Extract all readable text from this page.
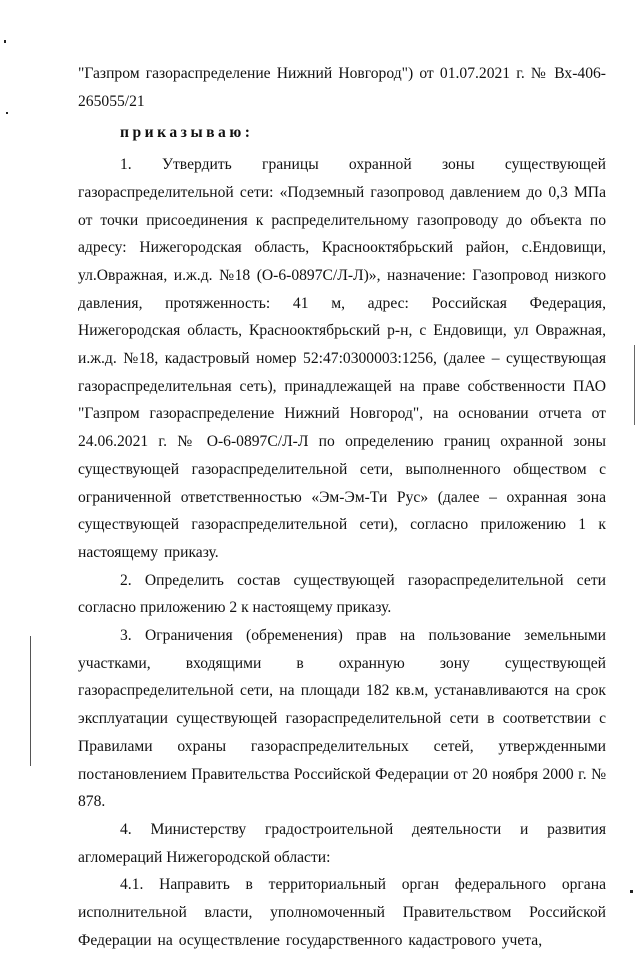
"Газпром газораспределение Нижний Новгород") от 01.07.2021 г. № Вх-406-265055/21

приказываю:

1. Утвердить границы охранной зоны существующей газораспределительной сети: «Подземный газопровод давлением до 0,3 МПа от точки присоединения к распределительному газопроводу до объекта по адресу: Нижегородская область, Краснооктябрьский район, с.Ендовищи, ул.Овражная, и.ж.д. №18 (О-6-0897С/Л-Л)», назначение: Газопровод низкого давления, протяженность: 41 м, адрес: Российская Федерация, Нижегородская область, Краснооктябрьский р-н, с Ендовищи, ул Овражная, и.ж.д. №18, кадастровый номер 52:47:0300003:1256, (далее – существующая газораспределительная сеть), принадлежащей на праве собственности ПАО "Газпром газораспределение Нижний Новгород", на основании отчета от 24.06.2021 г. № О-6-0897С/Л-Л по определению границ охранной зоны существующей газораспределительной сети, выполненного обществом с ограниченной ответственностью «Эм-Эм-Ти Рус» (далее – охранная зона существующей газораспределительной сети), согласно приложению 1 к настоящему приказу.

2. Определить состав существующей газораспределительной сети согласно приложению 2 к настоящему приказу.

3. Ограничения (обременения) прав на пользование земельными участками, входящими в охранную зону существующей газораспределительной сети, на площади 182 кв.м, устанавливаются на срок эксплуатации существующей газораспределительной сети в соответствии с Правилами охраны газораспределительных сетей, утвержденными постановлением Правительства Российской Федерации от 20 ноября 2000 г. № 878.

4. Министерству градостроительной деятельности и развития агломераций Нижегородской области:

4.1. Направить в территориальный орган федерального органа исполнительной власти, уполномоченный Правительством Российской Федерации на осуществление государственного кадастрового учета,
